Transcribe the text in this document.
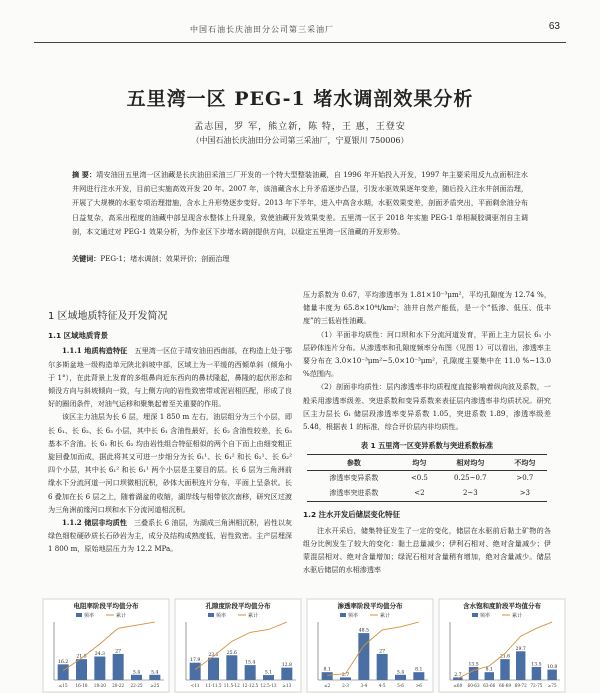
中国石油长庆油田分公司第三采油厂	63
五里湾一区 PEG-1 堵水调剖效果分析
孟志国，罗 军，熊立新，陈 特，王 惠，王登安
（中国石油长庆油田分公司第三采油厂，宁夏银川 750006）
摘 要：靖安油田五里湾一区油藏是长庆油田采油三厂开发的一个特大型整装油藏，自 1996 年开始投入开发，1997 年主要采用反九点面积注水井网进行注水开发，目前已实施高效开发 20 年。2007 年，该油藏含水上升矛盾逐步凸显，引发水驱效果逐年变差，随后投入注水井剖面治理，开展了大规模的水驱专项治理措施，含水上升形势逐步变好。2013 年下半年，进入中高含水期，水驱效果变差，剖面矛盾突出，平面剩余油分布日益复杂，高采出程度的油藏中部呈现含水整体上升现象，致使油藏开发效果变差。五里湾一区于 2018 年实施 PEG-1 单相凝胶调驱剂自主调剖，本文通过对 PEG-1 效果分析，为作业区下步堵水调剖提供方向，以稳定五里湾一区油藏的开发形势。
关键词：PEG-1；堵水调剖；效果评价；剖面治理
1 区域地质特征及开发简况
1.1 区域地质背景

1.1.1 地质构造特征　 五里湾一区位于靖安油田西南部，在构造上处于鄂尔多斯盆地一级构造单元陕北斜坡中部，区域上为一平缓的西倾单斜（倾角小于 1°），在此背景上发育的多组鼻向近东西向的鼻状隆起，鼻隆的起伏形态和倾没方向与斜坡倾向一致，与上侧方向的岩性致密带或泥岩相匹配，形成了良好的圈闭条件，对油气运移和聚集起着至关重要的作用。

该区主力油层为长 6 层，埋深 1 850 m 左右，油层组分为三个小层，即长 6₁、长 6₂、长 6₃ 小层，其中长 6₁ 含油性最好，长 6₂ 含油性较差，长 6₃ 基本不含油。长 6₁ 和长 6₂ 均由岩性组合特征相似的两个自下而上由细变粗正旋回叠加而成，据此将其又可进一步细分为长 6₁¹、长 6₁² 和长 6₂¹、长 6₂² 四个小层，其中长 6₁² 和长 6₁¹ 两个小层是主要目的层。长 6 层为三角洲前缘水下分流河道一河口坝微相沉积，砂体大面积连片分布，平面上呈条状。长 6 叠加在长 6 层之上，随着湖盆的收缩，湖岸线与相带依次南移，研究区过渡为三角洲前缘河口坝和水下分流河道相沉积。

1.1.2 储层非均质性　 三叠系长 6 油层，为湖成三角洲相沉积，岩性以灰绿色细粒硬砂质长石砂岩为主，成分及结构成熟度低，岩性致密。主产层埋深 1 800 m，原始地层压力为 12.2 MPa。

压力系数为 0.67，平均渗透率为 1.81×10⁻³μm²，平均孔隙度为 12.74 %，储量丰度为 65.8×10⁴t/km²；油井自然产能低，是一个“低渗、低压、低丰度”的三低岩性油藏。

（1）平面非均质性：河口坝和水下分流河道发育，平面上主力层长 6₁ 小层砂体连片分布。从渗透率和孔隙度频率分布图（见图 1）可以看出，渗透率主要分布在 3.0×10⁻³μm²~5.0×10⁻³μm²，孔隙度主要集中在 11.0 %~13.0 %范围内。

（2）剖面非均质性：层内渗透率非均质程度直接影响着纵向波及系数，一般采用渗透率级差、突进系数和变异系数来表征层内渗透率非均质状况。研究区主力层长 6₁ 储层段渗透率变异系数 1.05，突进系数 1.89，渗透率级差 5.48，根据表 1 的标准，综合评价层内非均质性。

表 1 五里湾一区变异系数与突进系数标准
参数	均匀	相对均匀	不均匀
渗透率变异系数	<0.5	0.25~0.7	>0.7
渗透率突进系数	<2	2~3	>3
1.2 注水开发后储层变化特征

注水开采后，储集特征发生了一定的变化，储层在水驱前后黏土矿物的各组分比例发生了较大的变化：黏土总量减少；伊利石相对、绝对含量减少；伊蒙混层相对、绝对含量增加；绿泥石相对含量稍有增加，绝对含量减少。储层水驱后储层的水相渗透率

电阻率阶段平均值分布
频率	累计
16.2
≤15
21.6
16-18
24.3
18-20
27
20-22
5.4
22-25
5.4
≥25
孔隙度阶段平均值分布
频率	累计
17.9
<11
23.1
11-11.5
25.6
11.5-12
15.4
12-12.5
5.1
12.5-13
12.8
≥13
渗透率阶段平均值分布
频率	累计
8.1
≤2
2.7
2-3
48.5
3-4
27
4-5
5.4
5-6
8.1
>6
含水饱和度阶段平均值分布
频率	累计
2.7
≤60
13.5
60-63
8.1
63-66
21.6
66-69
29.7
69-72
13.5
72-75
10.8
≥75
